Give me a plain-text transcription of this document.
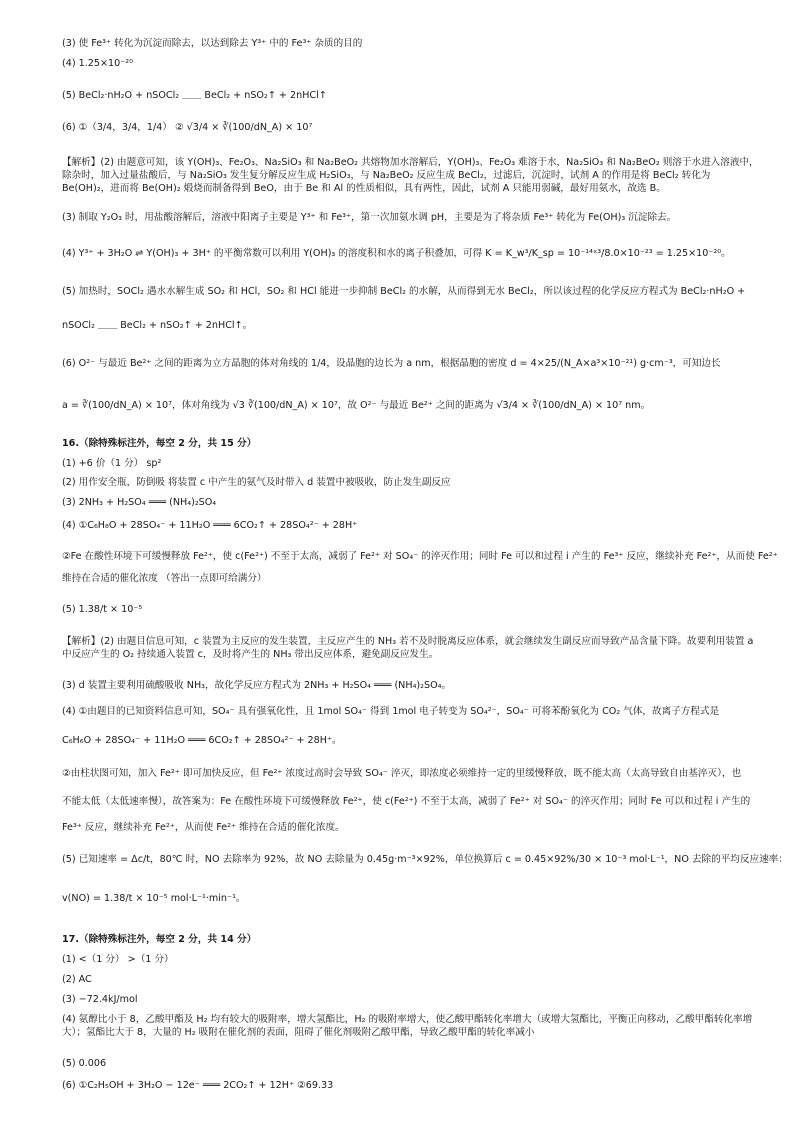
(3) 使 Fe³⁺ 转化为沉淀而除去，以达到除去 Y³⁺ 中的 Fe³⁺ 杂质的目的
(4) 1.25×10⁻²⁰
(5) BeCl₂·nH₂O + nSOCl₂ ＿＿ BeCl₂ + nSO₂↑ + 2nHCl↑
(6) ①（3/4，3/4，1/4） ② √3/4 × ∛(100/dN_A) × 10⁷
【解析】(2) 由题意可知，该 Y(OH)₃、Fe₂O₃、Na₂SiO₃ 和 Na₂BeO₂ 共熔物加水溶解后，Y(OH)₃、Fe₂O₃ 难溶于水，Na₂SiO₃ 和 Na₂BeO₂ 则溶于水进入溶液中，除杂时，加入过量盐酸后，与 Na₂SiO₃ 发生复分解反应生成 H₂SiO₃，与 Na₂BeO₂ 反应生成 BeCl₂，过滤后，沉淀时，试剂 A 的作用是将 BeCl₂ 转化为 Be(OH)₂，进而将 Be(OH)₂ 煅烧而制备得到 BeO，由于 Be 和 Al 的性质相似，具有两性，因此，试剂 A 只能用弱碱，最好用氨水，故选 B。
(3) 制取 Y₂O₃ 时，用盐酸溶解后，溶液中阳离子主要是 Y³⁺ 和 Fe³⁺，第一次加氨水调 pH，主要是为了将杂质 Fe³⁺ 转化为 Fe(OH)₃ 沉淀除去。
(4) Y³⁺ + 3H₂O ⇌ Y(OH)₃ + 3H⁺ 的平衡常数可以利用 Y(OH)₃ 的溶度积和水的离子积叠加，可得 K = K_w³/K_sp = 10⁻¹⁴ˣ³/8.0×10⁻²³ = 1.25×10⁻²⁰。
(5) 加热时，SOCl₂ 遇水水解生成 SO₂ 和 HCl，SO₂ 和 HCl 能进一步抑制 BeCl₂ 的水解，从而得到无水 BeCl₂，所以该过程的化学反应方程式为 BeCl₂·nH₂O +
nSOCl₂ ＿＿ BeCl₂ + nSO₂↑ + 2nHCl↑。
(6) O²⁻ 与最近 Be²⁺ 之间的距离为立方晶胞的体对角线的 1/4，设晶胞的边长为 a nm，根据晶胞的密度 d = 4×25/(N_A×a³×10⁻²¹) g·cm⁻³，可知边长
a = ∛(100/dN_A) × 10⁷，体对角线为 √3 ∛(100/dN_A) × 10⁷，故 O²⁻ 与最近 Be²⁺ 之间的距离为 √3/4 × ∛(100/dN_A) × 10⁷ nm。
16.（除特殊标注外，每空 2 分，共 15 分）
(1) +6 价（1 分） sp²
(2) 用作安全瓶，防倒吸 将装置 c 中产生的氨气及时带入 d 装置中被吸收，防止发生副反应
(3) 2NH₃ + H₂SO₄ ═══ (NH₄)₂SO₄
(4) ①C₆H₈O + 28SO₄⁻ + 11H₂O ═══ 6CO₂↑ + 28SO₄²⁻ + 28H⁺
②Fe 在酸性环境下可缓慢释放 Fe²⁺，使 c(Fe²⁺) 不至于太高，减弱了 Fe²⁺ 对 SO₄⁻ 的淬灭作用；同时 Fe 可以和过程 i 产生的 Fe³⁺ 反应，继续补充 Fe²⁺，从而使 Fe²⁺
维持在合适的催化浓度 （答出一点即可给满分）
(5) 1.38/t × 10⁻⁵
【解析】(2) 由题目信息可知，c 装置为主反应的发生装置，主反应产生的 NH₃ 若不及时脱离反应体系，就会继续发生副反应而导致产品含量下降。故要利用装置 a 中反应产生的 O₂ 持续通入装置 c，及时将产生的 NH₃ 带出反应体系，避免副反应发生。
(3) d 装置主要利用硫酸吸收 NH₃，故化学反应方程式为 2NH₃ + H₂SO₄ ═══ (NH₄)₂SO₄。
(4) ①由题目的已知资料信息可知，SO₄⁻ 具有强氧化性，且 1mol SO₄⁻ 得到 1mol 电子转变为 SO₄²⁻，SO₄⁻ 可将苯酚氧化为 CO₂ 气体，故离子方程式是
C₆H₆O + 28SO₄⁻ + 11H₂O ═══ 6CO₂↑ + 28SO₄²⁻ + 28H⁺。
②由柱状图可知，加入 Fe²⁺ 即可加快反应，但 Fe²⁺ 浓度过高时会导致 SO₄⁻ 淬灭，即浓度必须维持一定的里缓慢释放，既不能太高（太高导致自由基淬灭），也
不能太低（太低速率慢），故答案为：Fe 在酸性环境下可缓慢释放 Fe²⁺，使 c(Fe²⁺) 不至于太高，减弱了 Fe²⁺ 对 SO₄⁻ 的淬灭作用；同时 Fe 可以和过程 i 产生的
Fe³⁺ 反应，继续补充 Fe²⁺，从而使 Fe²⁺ 维持在合适的催化浓度。
(5) 已知速率 = Δc/t，80℃ 时，NO 去除率为 92%，故 NO 去除量为 0.45g·m⁻³×92%，单位换算后 c = 0.45×92%/30 × 10⁻³ mol·L⁻¹，NO 去除的平均反应速率：
v(NO) = 1.38/t × 10⁻⁵ mol·L⁻¹·min⁻¹。
17.（除特殊标注外，每空 2 分，共 14 分）
(1) <（1 分） >（1 分）
(2) AC
(3) −72.4kJ/mol
(4) 氨醇比小于 8，乙酸甲酯及 H₂ 均有较大的吸附率，增大氢酯比，H₂ 的吸附率增大，使乙酸甲酯转化率增大（或增大氢酯比，平衡正向移动，乙酸甲酯转化率增大）；氢酯比大于 8，大量的 H₂ 吸附在催化剂的表面，阻碍了催化剂吸附乙酸甲酯，导致乙酸甲酯的转化率减小
(5) 0.006
(6) ①C₂H₅OH + 3H₂O − 12e⁻ ═══ 2CO₂↑ + 12H⁺ ②69.33
